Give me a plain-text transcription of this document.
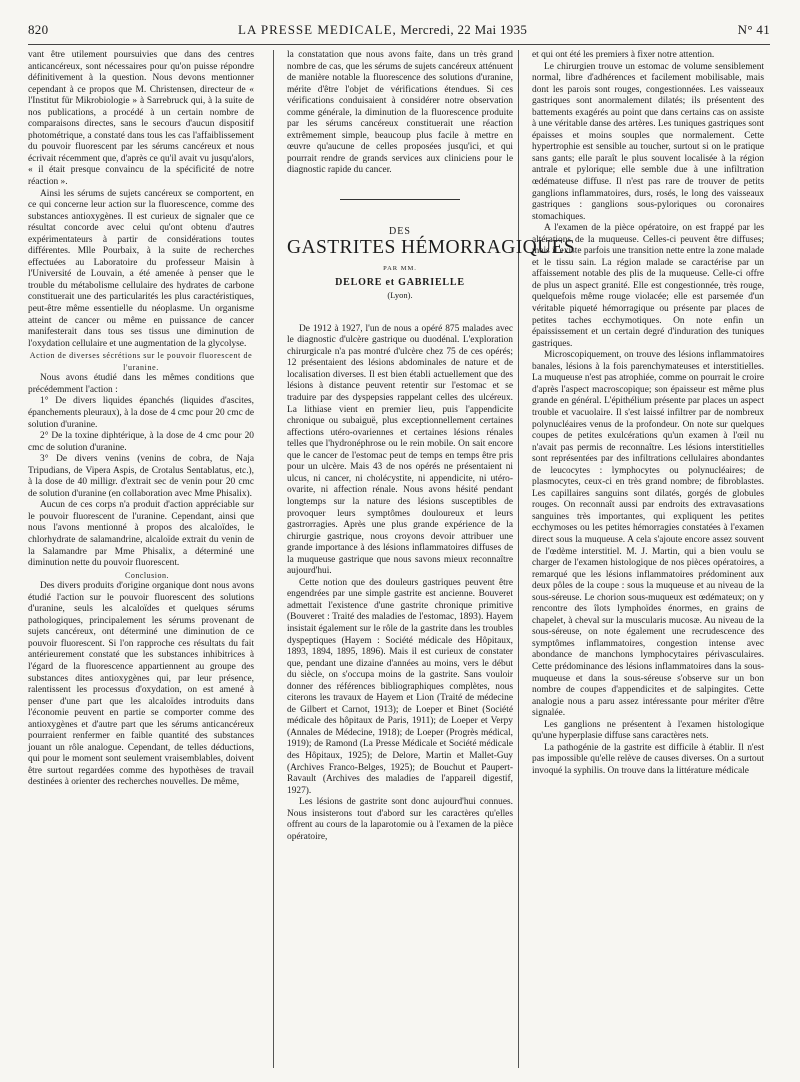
820	LA PRESSE MEDICALE, Mercredi, 22 Mai 1935	N° 41

vant être utilement poursuivies que dans des centres anticancéreux, sont nécessaires pour qu'on puisse répondre définitivement à la question. Nous devons mentionner cependant à ce propos que M. Christensen, directeur de « l'Institut für Mikrobiologie » à Sarrebruck qui, à la suite de nos publications, a procédé à un certain nombre de comparaisons directes, sans le secours d'aucun dispositif photométrique, a constaté dans tous les cas l'affaiblissement du pouvoir fluorescent par les sérums cancéreux et nous écrivait récemment que, d'après ce qu'il avait vu jusqu'alors, « il était presque convaincu de la spécificité de notre réaction ».

Ainsi les sérums de sujets cancéreux se comportent, en ce qui concerne leur action sur la fluorescence, comme des substances antioxygènes. Il est curieux de signaler que ce résultat concorde avec celui qu'ont obtenu d'autres expérimentateurs à partir de considérations toutes différentes. Mlle Pourbaix, à la suite de recherches effectuées au Laboratoire du professeur Maisin à l'Université de Louvain, a été amenée à penser que le trouble du métabolisme cellulaire des hydrates de carbone constituerait une des particularités les plus caractéristiques, peut-être même essentielle du néoplasme. Un organisme atteint de cancer ou même en puissance de cancer manifesterait dans tous ses tissus une diminution de l'oxydation cellulaire et une augmentation de la glycolyse.

Action de diverses sécrétions sur le pouvoir fluorescent de l'uranine.

Nous avons étudié dans les mêmes conditions que précédemment l'action :

1° De divers liquides épanchés (liquides d'ascites, épanchements pleuraux), à la dose de 4 cmc pour 20 cmc de solution d'uranine.

2° De la toxine diphtérique, à la dose de 4 cmc pour 20 cmc de solution d'uranine.

3° De divers venins (venins de cobra, de Naja Tripudians, de Vipera Aspis, de Crotalus Sentablatus, etc.), à la dose de 40 milligr. d'extrait sec de venin pour 20 cmc de solution d'uranine (en collaboration avec Mme Phisalix).

Aucun de ces corps n'a produit d'action appréciable sur le pouvoir fluorescent de l'uranine. Cependant, ainsi que nous l'avons mentionné à propos des alcaloïdes, le chlorhydrate de salamandrine, alcaloïde extrait du venin de la Salamandre par Mme Phisalix, a déterminé une diminution nette du pouvoir fluorescent.

Conclusion.

Des divers produits d'origine organique dont nous avons étudié l'action sur le pouvoir fluorescent des solutions d'uranine, seuls les alcaloïdes et quelques sérums pathologiques, principalement les sérums provenant de sujets cancéreux, ont déterminé une diminution de ce pouvoir fluorescent. Si l'on rapproche ces résultats du fait antérieurement constaté que les substances inhibitrices à l'égard de la fluorescence appartiennent au groupe des substances dites antioxygènes qui, par leur présence, ralentissent les processus d'oxydation, on est amené à penser d'une part que les alcaloïdes introduits dans l'économie peuvent en partie se comporter comme des antioxygènes et d'autre part que les sérums anticancéreux pourraient renfermer en faible quantité des substances jouant un rôle analogue. Cependant, de telles déductions, qui pour le moment sont seulement vraisemblables, doivent être surtout regardées comme des hypothèses de travail destinées à orienter des recherches nouvelles. De même,

la constatation que nous avons faite, dans un très grand nombre de cas, que les sérums de sujets cancéreux atténuent de manière notable la fluorescence des solutions d'uranine, mérite d'être l'objet de vérifications étendues. Si ces vérifications conduisaient à considérer notre observation comme générale, la diminution de la fluorescence produite par les sérums cancéreux constituerait une réaction extrêmement simple, beaucoup plus facile à mettre en œuvre qu'aucune de celles proposées jusqu'ici, et qui pourrait rendre de grands services aux cliniciens pour le diagnostic rapide du cancer.

DES
GASTRITES HÉMORRAGIQUES
PAR MM.
DELORE et GABRIELLE
(Lyon).

De 1912 à 1927, l'un de nous a opéré 875 malades avec le diagnostic d'ulcère gastrique ou duodénal. L'exploration chirurgicale n'a pas montré d'ulcère chez 75 de ces opérés; 12 présentaient des lésions abdominales de nature et de localisation diverses. Il est bien établi actuellement que des lésions à distance peuvent retentir sur l'estomac et se traduire par des dyspepsies rappelant celles des ulcéreux. La lithiase vient en premier lieu, puis l'appendicite chronique ou subaiguë, plus exceptionnellement certaines affections utéro-ovariennes et certaines lésions rénales telles que l'hydronéphrose ou le rein mobile. On sait encore que le cancer de l'estomac peut de temps en temps être pris pour un ulcère. Mais 43 de nos opérés ne présentaient ni ulcus, ni cancer, ni cholécystite, ni appendicite, ni utéro-ovarite, ni affection rénale. Nous avons hésité pendant longtemps sur la nature des lésions susceptibles de provoquer leurs symptômes douloureux et leurs gastrorragies. Après une plus grande expérience de la chirurgie gastrique, nous croyons devoir attribuer une grande importance à des lésions inflammatoires diffuses de la muqueuse gastrique que nous savons mieux reconnaître aujourd'hui.

Cette notion que des douleurs gastriques peuvent être engendrées par une simple gastrite est ancienne. Bouveret admettait l'existence d'une gastrite chronique primitive (Bouveret : Traité des maladies de l'estomac, 1893). Hayem insistait également sur le rôle de la gastrite dans les troubles dyspeptiques (Hayem : Société médicale des Hôpitaux, 1893, 1894, 1895, 1896). Mais il est curieux de constater que, pendant une dizaine d'années au moins, vers le début du siècle, on s'occupa moins de la gastrite. Sans vouloir donner des références bibliographiques complètes, nous citerons les travaux de Hayem et Lion (Traité de médecine de Gilbert et Carnot, 1913); de Loeper et Binet (Société médicale des hôpitaux de Paris, 1911); de Loeper et Verpy (Annales de Médecine, 1918); de Loeper (Progrès médical, 1919); de Ramond (La Presse Médicale et Société médicale des Hôpitaux, 1925); de Delore, Martin et Mallet-Guy (Archives Franco-Belges, 1925); de Bouchut et Paupert-Ravault (Archives des maladies de l'appareil digestif, 1927).

Les lésions de gastrite sont donc aujourd'hui connues. Nous insisterons tout d'abord sur les caractères qu'elles offrent au cours de la laparotomie ou à l'examen de la pièce opératoire,

et qui ont été les premiers à fixer notre attention.

Le chirurgien trouve un estomac de volume sensiblement normal, libre d'adhérences et facilement mobilisable, mais dont les parois sont rouges, congestionnées. Les vaisseaux gastriques sont anormalement dilatés; ils présentent des battements exagérés au point que dans certains cas on assiste à une véritable danse des artères. Les tuniques gastriques sont épaisses et moins souples que normalement. Cette hypertrophie est sensible au toucher, surtout si on le pratique sans gants; elle paraît le plus souvent localisée à la région antrale et pylorique; elle semble due à une infiltration œdémateuse diffuse. Il n'est pas rare de trouver de petits ganglions inflammatoires, durs, rosés, le long des vaisseaux gastriques : ganglions sous-pyloriques ou coronaires stomachiques.

A l'examen de la pièce opératoire, on est frappé par les altérations de la muqueuse. Celles-ci peuvent être diffuses; mais il existe parfois une transition nette entre la zone malade et le tissu sain. La région malade se caractérise par un affaissement notable des plis de la muqueuse. Celle-ci offre de plus un aspect granité. Elle est congestionnée, très rouge, quelquefois même rouge violacée; elle est parsemée d'un véritable piqueté hémorragique ou présente par places de petites taches ecchymotiques. On note enfin un épaississement et un certain degré d'induration des tuniques gastriques.

Microscopiquement, on trouve des lésions inflammatoires banales, lésions à la fois parenchymateuses et interstitielles. La muqueuse n'est pas atrophiée, comme on pourrait le croire d'après l'aspect macroscopique; son épaisseur est même plus grande en général. L'épithélium présente par places un aspect trouble et vacuolaire. Il s'est laissé infiltrer par de nombreux polynucléaires venus de la profondeur. On note sur quelques coupes de petites exulcérations qu'un examen à l'œil nu n'avait pas permis de reconnaître. Les lésions interstitielles sont représentées par des infiltrations cellulaires abondantes de leucocytes : lymphocytes ou polynucléaires; de plasmocytes, ceux-ci en très grand nombre; de fibroblastes. Les capillaires sanguins sont dilatés, gorgés de globules rouges. On reconnaît aussi par endroits des extravasations sanguines très importantes, qui expliquent les petites ecchymoses ou les petites hémorragies constatées à l'examen direct sous la muqueuse. A cela s'ajoute encore assez souvent de l'œdème interstitiel. M. J. Martin, qui a bien voulu se charger de l'examen histologique de nos pièces opératoires, a remarqué que les lésions inflammatoires prédominent aux deux pôles de la coupe : sous la muqueuse et au niveau de la sous-séreuse. Le chorion sous-muqueux est œdémateux; on y rencontre des îlots lymphoïdes énormes, en grains de chapelet, à cheval sur la muscularis mucosæ. Au niveau de la sous-séreuse, on note également une recrudescence des symptômes inflammatoires, congestion intense avec abondance de manchons lymphocytaires périvasculaires. Cette prédominance des lésions inflammatoires dans la sous-muqueuse et dans la sous-séreuse s'observe sur un bon nombre de coupes d'appendicites et de salpingites. Cette analogie nous a paru assez intéressante pour mériter d'être signalée.

Les ganglions ne présentent à l'examen histologique qu'une hyperplasie diffuse sans caractères nets.

La pathogénie de la gastrite est difficile à établir. Il n'est pas impossible qu'elle relève de causes diverses. On a surtout invoqué la syphilis. On trouve dans la littérature médicale
